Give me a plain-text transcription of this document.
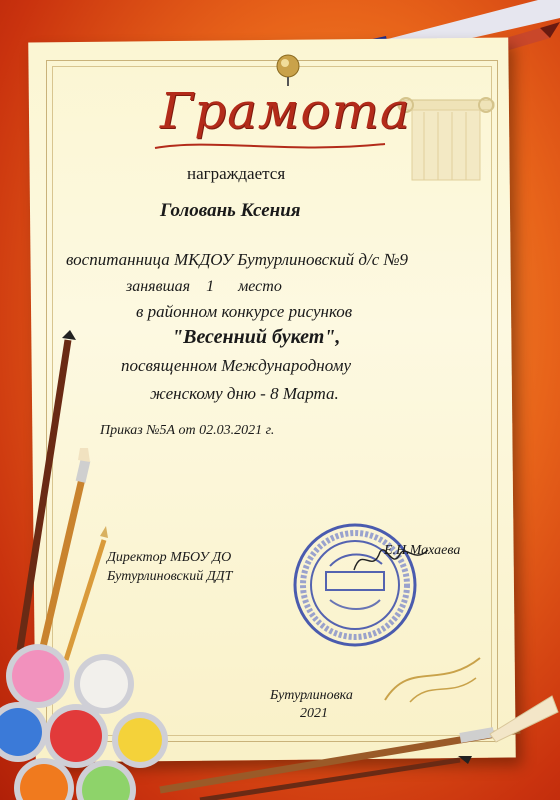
Грамота
награждается
Головань Ксения
воспитанница МКДОУ Бутурлиновский д/с №9
занявшая    1      место
в районном конкурсе рисунков
"Весенний букет",
посвященном Международному
женскому дню - 8 Марта.
Приказ №5А от 02.03.2021 г.
Директор МБОУ ДО
Бутурлиновский ДДТ
Е.Н.Махаева
Бутурлиновка
2021
